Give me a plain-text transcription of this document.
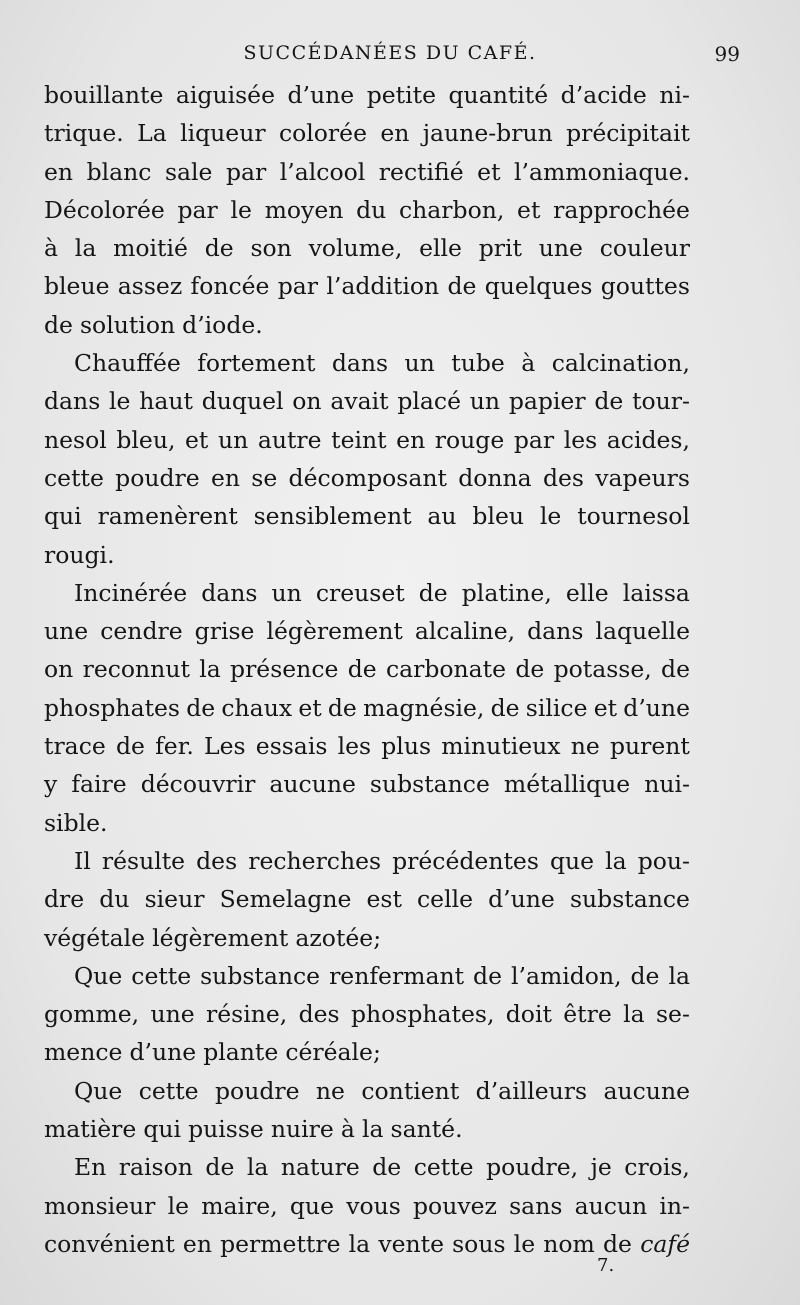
SUCCÉDANÉES DU CAFÉ.	99
bouillante aiguisée d’une petite quantité d’acide ni-
trique. La liqueur colorée en jaune-brun précipitait
en blanc sale par l’alcool rectifié et l’ammoniaque.
Décolorée par le moyen du charbon, et rapprochée
à la moitié de son volume, elle prit une couleur
bleue assez foncée par l’addition de quelques gouttes
de solution d’iode.
Chauffée fortement dans un tube à calcination,
dans le haut duquel on avait placé un papier de tour-
nesol bleu, et un autre teint en rouge par les acides,
cette poudre en se décomposant donna des vapeurs
qui ramenèrent sensiblement au bleu le tournesol
rougi.
Incinérée dans un creuset de platine, elle laissa
une cendre grise légèrement alcaline, dans laquelle
on reconnut la présence de carbonate de potasse, de
phosphates de chaux et de magnésie, de silice et d’une
trace de fer. Les essais les plus minutieux ne purent
y faire découvrir aucune substance métallique nui-
sible.
Il résulte des recherches précédentes que la pou-
dre du sieur Semelagne est celle d’une substance
végétale légèrement azotée;
Que cette substance renfermant de l’amidon, de la
gomme, une résine, des phosphates, doit être la se-
mence d’une plante céréale;
Que cette poudre ne contient d’ailleurs aucune
matière qui puisse nuire à la santé.
En raison de la nature de cette poudre, je crois,
monsieur le maire, que vous pouvez sans aucun in-
convénient en permettre la vente sous le nom de café
7.
